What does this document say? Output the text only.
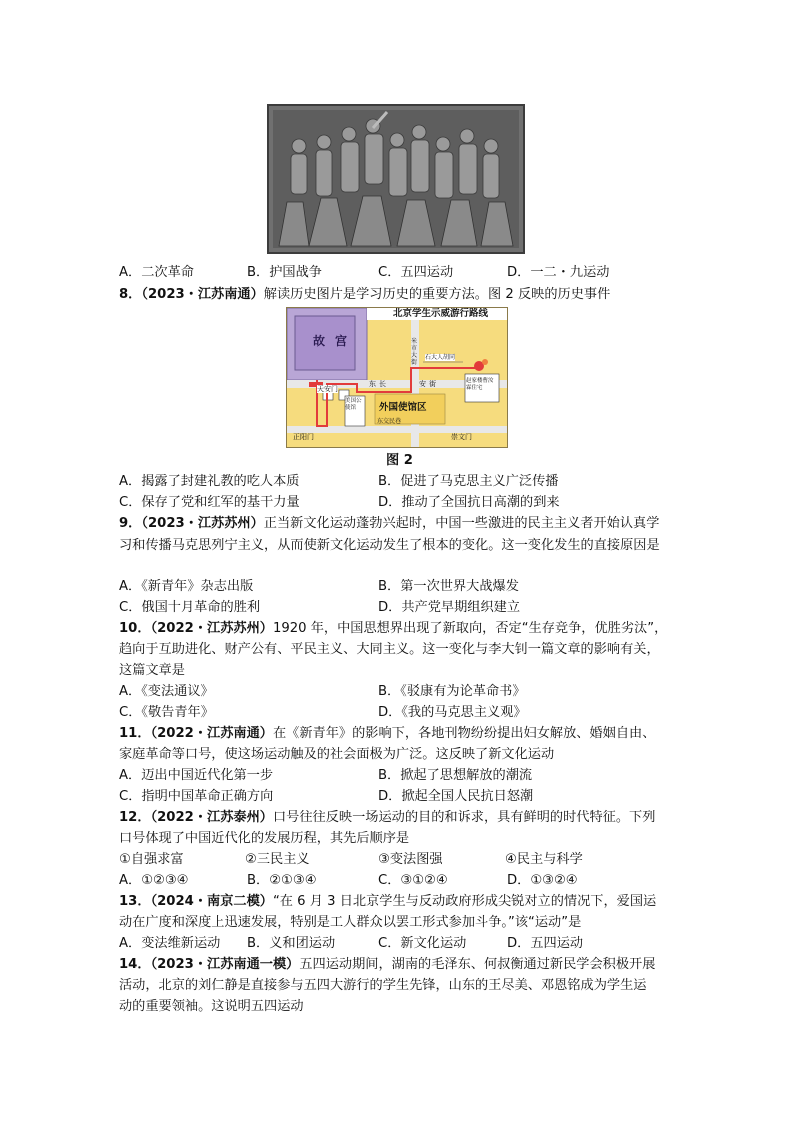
A．二次革命	B．护国战争	C．五四运动	D．一二・九运动
8．（2023・江苏南通）解读历史图片是学习历史的重要方法。图 2 反映的历史事件
北京学生示威游行路线
故 宫
天安门
东 长	安 街
米市大街
石大人胡同
外国使馆区
正阳门	崇文门
东交民巷
美国公使馆
赵家楼曹汝霖住宅
图 2
A．揭露了封建礼教的吃人本质	B．促进了马克思主义广泛传播
C．保存了党和红军的基干力量	D．推动了全国抗日高潮的到来
9．（2023・江苏苏州）正当新文化运动蓬勃兴起时，中国一些激进的民主主义者开始认真学
习和传播马克思列宁主义，从而使新文化运动发生了根本的变化。这一变化发生的直接原因是
A．《新青年》杂志出版	B．第一次世界大战爆发
C．俄国十月革命的胜利	D．共产党早期组织建立
10．（2022・江苏苏州）1920 年，中国思想界出现了新取向，否定“生存竞争，优胜劣汰”，
趋向于互助进化、财产公有、平民主义、大同主义。这一变化与李大钊一篇文章的影响有关，
这篇文章是
A．《变法通议》	B．《驳康有为论革命书》
C．《敬告青年》	D．《我的马克思主义观》
11．（2022・江苏南通）在《新青年》的影响下，各地刊物纷纷提出妇女解放、婚姻自由、
家庭革命等口号，使这场运动触及的社会面极为广泛。这反映了新文化运动
A．迈出中国近代化第一步	B．掀起了思想解放的潮流
C．指明中国革命正确方向	D．掀起全国人民抗日怒潮
12．（2022・江苏泰州）口号往往反映一场运动的目的和诉求，具有鲜明的时代特征。下列
口号体现了中国近代化的发展历程，其先后顺序是
①自强求富	②三民主义	③变法图强	④民主与科学
A．①②③④	B．②①③④	C．③①②④	D．①③②④
13．（2024・南京二模）“在 6 月 3 日北京学生与反动政府形成尖锐对立的情况下，爱国运
动在广度和深度上迅速发展，特别是工人群众以罢工形式参加斗争。”该“运动”是
A．变法维新运动 B．义和团运动	C．新文化运动	D．五四运动
14．（2023・江苏南通一模）五四运动期间，湖南的毛泽东、何叔衡通过新民学会积极开展
活动，北京的刘仁静是直接参与五四大游行的学生先锋，山东的王尽美、邓恩铭成为学生运
动的重要领袖。这说明五四运动
